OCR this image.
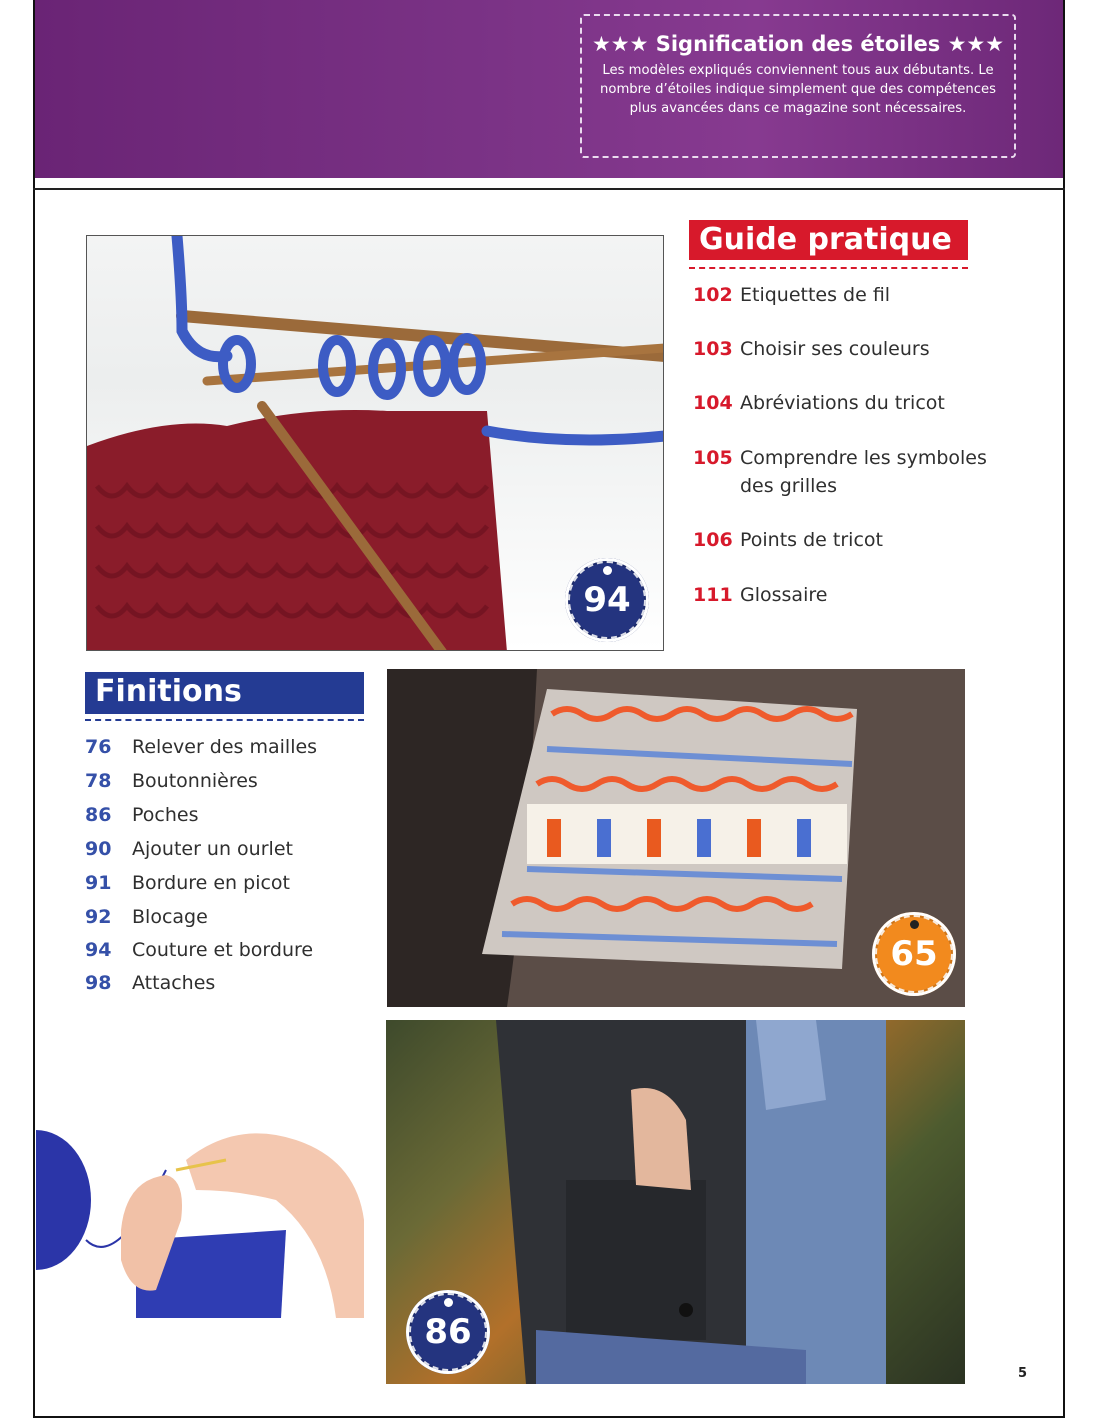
★★★ Signification des étoiles ★★★
Les modèles expliqués conviennent tous aux débutants. Le nombre d’étoiles indique simplement que des compétences plus avancées dans ce magazine sont nécessaires.
94
Guide pratique
102 Etiquettes de fil
103 Choisir ses couleurs
104 Abréviations du tricot
105 Comprendre les symboles
des grilles
106 Points de tricot
111 Glossaire
Finitions
76 Relever des mailles
78 Boutonnières
86 Poches
90 Ajouter un ourlet
91 Bordure en picot
92 Blocage
94 Couture et bordure
98 Attaches
65
86
5
